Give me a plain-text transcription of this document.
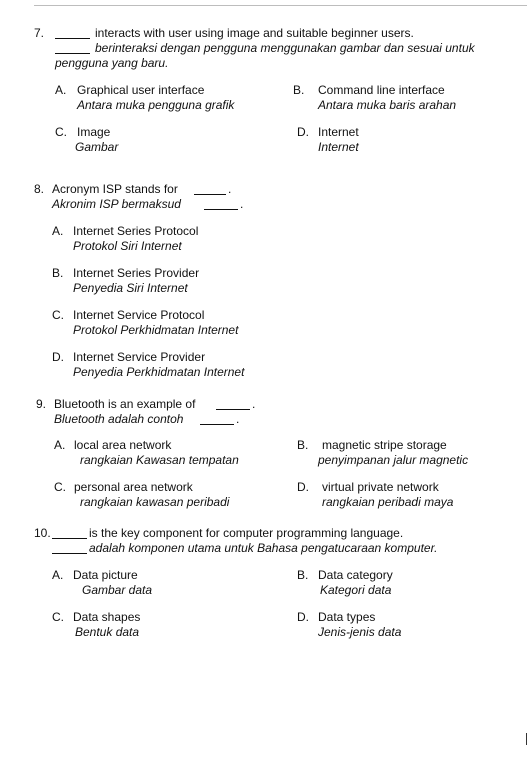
7.	interacts with user using image and suitable beginner users.
berinteraksi dengan pengguna menggunakan gambar dan sesuai untuk
pengguna yang baru.
A. Graphical user interface
Antara muka pengguna grafik
B. Command line interface
Antara muka baris arahan
C. Image
Gambar
D. Internet
Internet
8. Acronym ISP stands for	.
Akronim ISP bermaksud	.
A. Internet Series Protocol
Protokol Siri Internet
B. Internet Series Provider
Penyedia Siri Internet
C. Internet Service Protocol
Protokol Perkhidmatan Internet
D. Internet Service Provider
Penyedia Perkhidmatan Internet
9. Bluetooth is an example of	.
Bluetooth adalah contoh	.
A. local area network
rangkaian Kawasan tempatan
B. magnetic stripe storage
penyimpanan jalur magnetic
C. personal area network
rangkaian kawasan peribadi
D. virtual private network
rangkaian peribadi maya
10.	is the key component for computer programming language.
adalah komponen utama untuk Bahasa pengatucaraan komputer.
A. Data picture
Gambar data
B. Data category
Kategori data
C. Data shapes
Bentuk data
D. Data types
Jenis-jenis data
